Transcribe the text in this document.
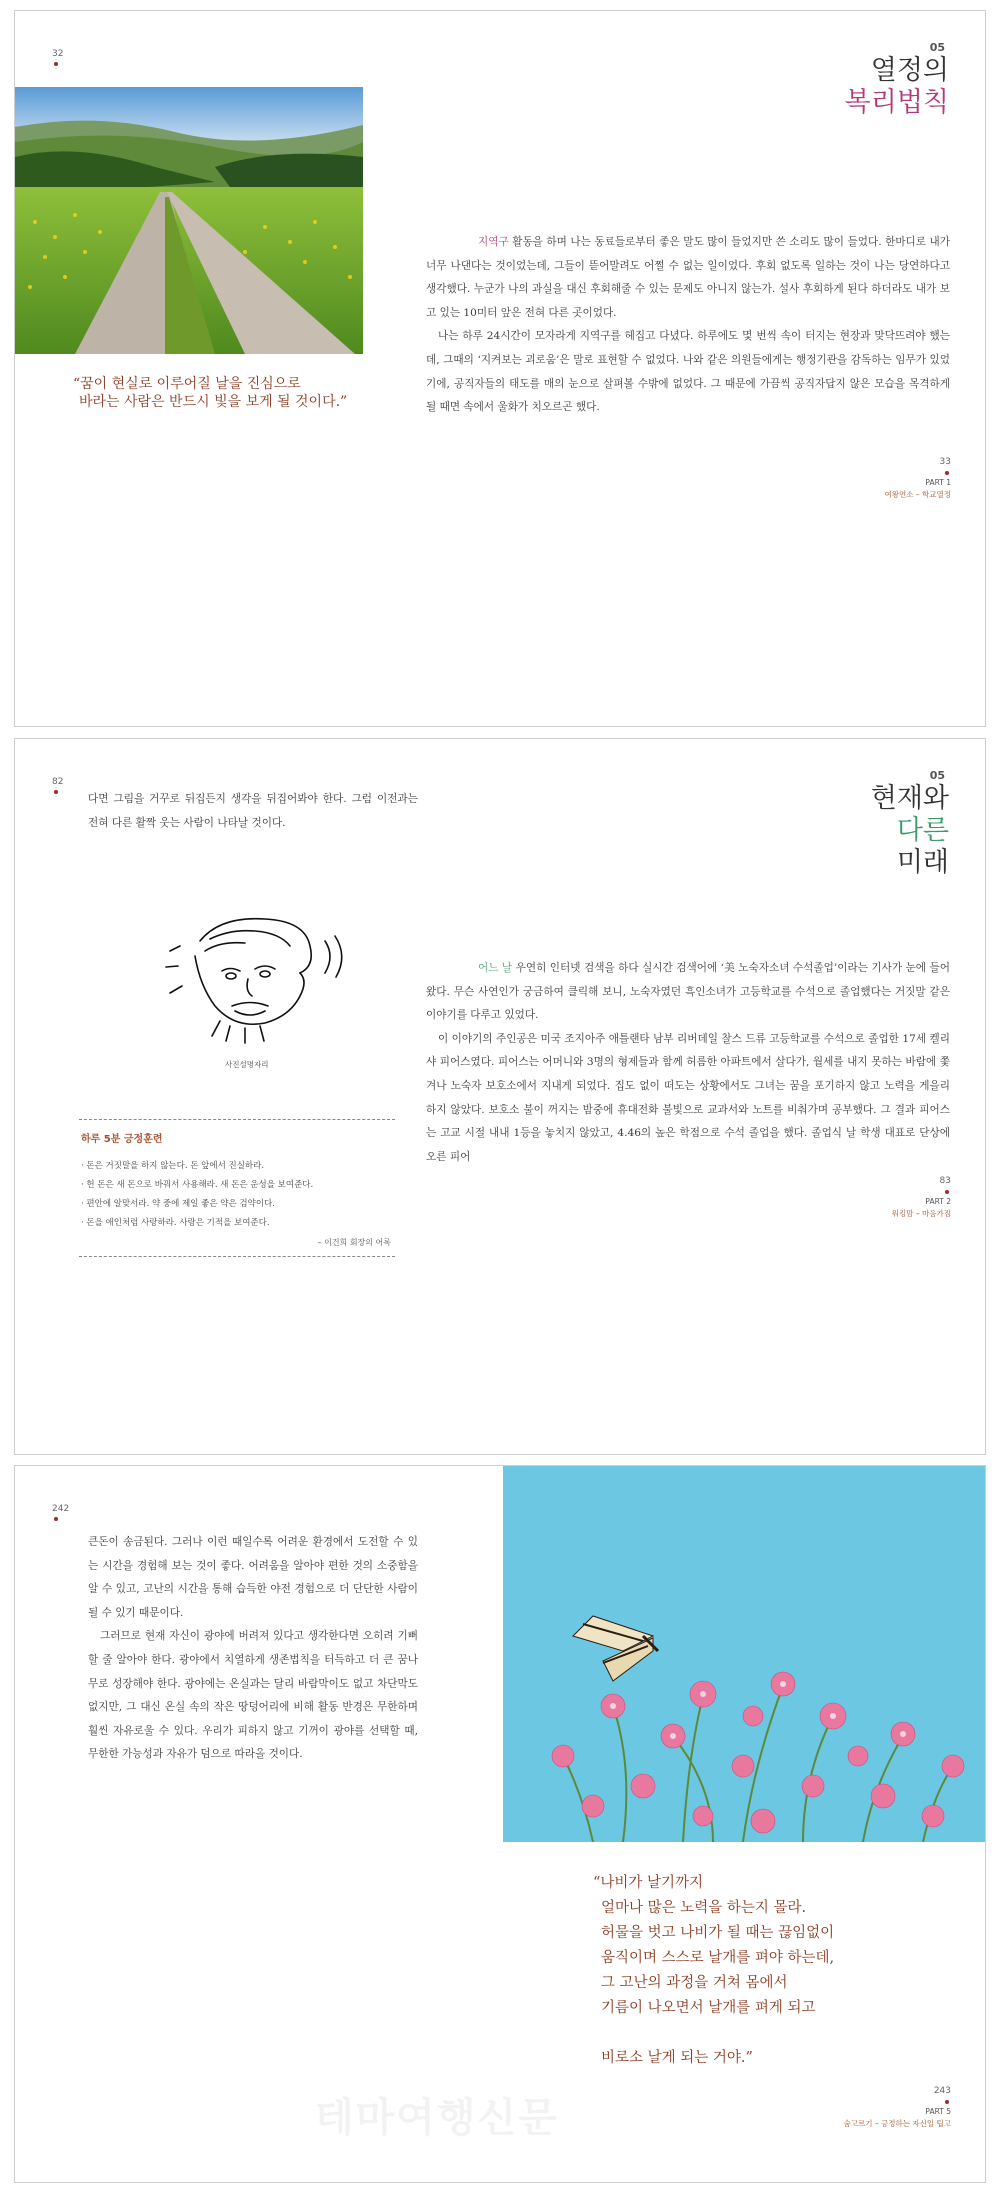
32
“꿈이 현실로 이루어질 날을 진심으로
바라는 사람은 반드시 빛을 보게 될 것이다.”
05
열정의
복리법칙

지역구 활동을 하며 나는 동료들로부터 좋은 말도 많이 들었지만 쓴 소리도 많이 들었다. 한마디로 내가 너무 나댄다는 것이었는데, 그들이 뜯어말려도 어쩔 수 없는 일이었다. 후회 없도록 일하는 것이 나는 당연하다고 생각했다. 누군가 나의 과실을 대신 후회해줄 수 있는 문제도 아니지 않는가. 설사 후회하게 된다 하더라도 내가 보고 있는 10미터 앞은 전혀 다른 곳이었다.

나는 하루 24시간이 모자라게 지역구를 헤집고 다녔다. 하루에도 몇 번씩 속이 터지는 현장과 맞닥뜨려야 했는데, 그때의 ‘지켜보는 괴로움’은 말로 표현할 수 없었다. 나와 같은 의원들에게는 행정기관을 감독하는 임무가 있었기에, 공직자들의 태도를 매의 눈으로 살펴볼 수밖에 없었다. 그 때문에 가끔씩 공직자답지 않은 모습을 목격하게 될 때면 속에서 울화가 치오르곤 했다.

33
PART 1
여왕연소 – 학교열정
82

다면 그림을 거꾸로 뒤집든지 생각을 뒤집어봐야 한다. 그럼 이전과는 전혀 다른 활짝 웃는 사람이 나타날 것이다.

사진설명자리
하루 5분 긍정훈련
· 돈은 거짓말을 하지 않는다. 돈 앞에서 진실하라.
· 헌 돈은 새 돈으로 바꿔서 사용해라. 새 돈은 운성을 보여준다.
· 편안에 알맞서라. 약 중에 제일 좋은 약은 검약이다.
· 돈을 애인처럼 사랑하라. 사랑은 기적을 보여준다.
– 이건희 회장의 어록
05
현재와
다른
미래

어느 날 우연히 인터넷 검색을 하다 실시간 검색어에 ‘美 노숙자소녀 수석졸업’이라는 기사가 눈에 들어왔다. 무슨 사연인가 궁금하여 클릭해 보니, 노숙자였던 흑인소녀가 고등학교를 수석으로 졸업했다는 거짓말 같은 이야기를 다루고 있었다.

이 이야기의 주인공은 미국 조지아주 애틀랜타 남부 리버데일 찰스 드류 고등학교를 수석으로 졸업한 17세 켈리샤 피어스였다. 피어스는 어머니와 3명의 형제들과 함께 허름한 아파트에서 살다가, 월세를 내지 못하는 바람에 쫓겨나 노숙자 보호소에서 지내게 되었다. 집도 없이 떠도는 상황에서도 그녀는 꿈을 포기하지 않고 노력을 게을리 하지 않았다. 보호소 불이 꺼지는 밤중에 휴대전화 불빛으로 교과서와 노트를 비춰가며 공부했다. 그 결과 피어스는 고교 시절 내내 1등을 놓치지 않았고, 4.46의 높은 학점으로 수석 졸업을 했다. 졸업식 날 학생 대표로 단상에 오른 피어

83
PART 2
워킹맘 – 마음가짐
242

큰돈이 송금된다. 그러나 이런 때일수록 어려운 환경에서 도전할 수 있는 시간을 경험해 보는 것이 좋다. 어려움을 알아야 편한 것의 소중함을 알 수 있고, 고난의 시간을 통해 습득한 야전 경험으로 더 단단한 사람이 될 수 있기 때문이다.

그러므로 현재 자신이 광야에 버려져 있다고 생각한다면 오히려 기뻐할 줄 알아야 한다. 광야에서 치열하게 생존법칙을 터득하고 더 큰 꿈나무로 성장해야 한다. 광야에는 온실과는 달리 바람막이도 없고 차단막도 없지만, 그 대신 온실 속의 작은 땅덩어리에 비해 활동 반경은 무한하며 훨씬 자유로울 수 있다. 우리가 피하지 않고 기꺼이 광야를 선택할 때, 무한한 가능성과 자유가 덤으로 따라올 것이다.

“나비가 날기까지
얼마나 많은 노력을 하는지 몰라.
허물을 벗고 나비가 될 때는 끊임없이
움직이며 스스로 날개를 펴야 하는데,
그 고난의 과정을 거쳐 몸에서
기름이 나오면서 날개를 펴게 되고
비로소 날게 되는 거야.”
테마여행신문
243
PART 5
숨고르기 – 긍정하는 자신일 팁고
